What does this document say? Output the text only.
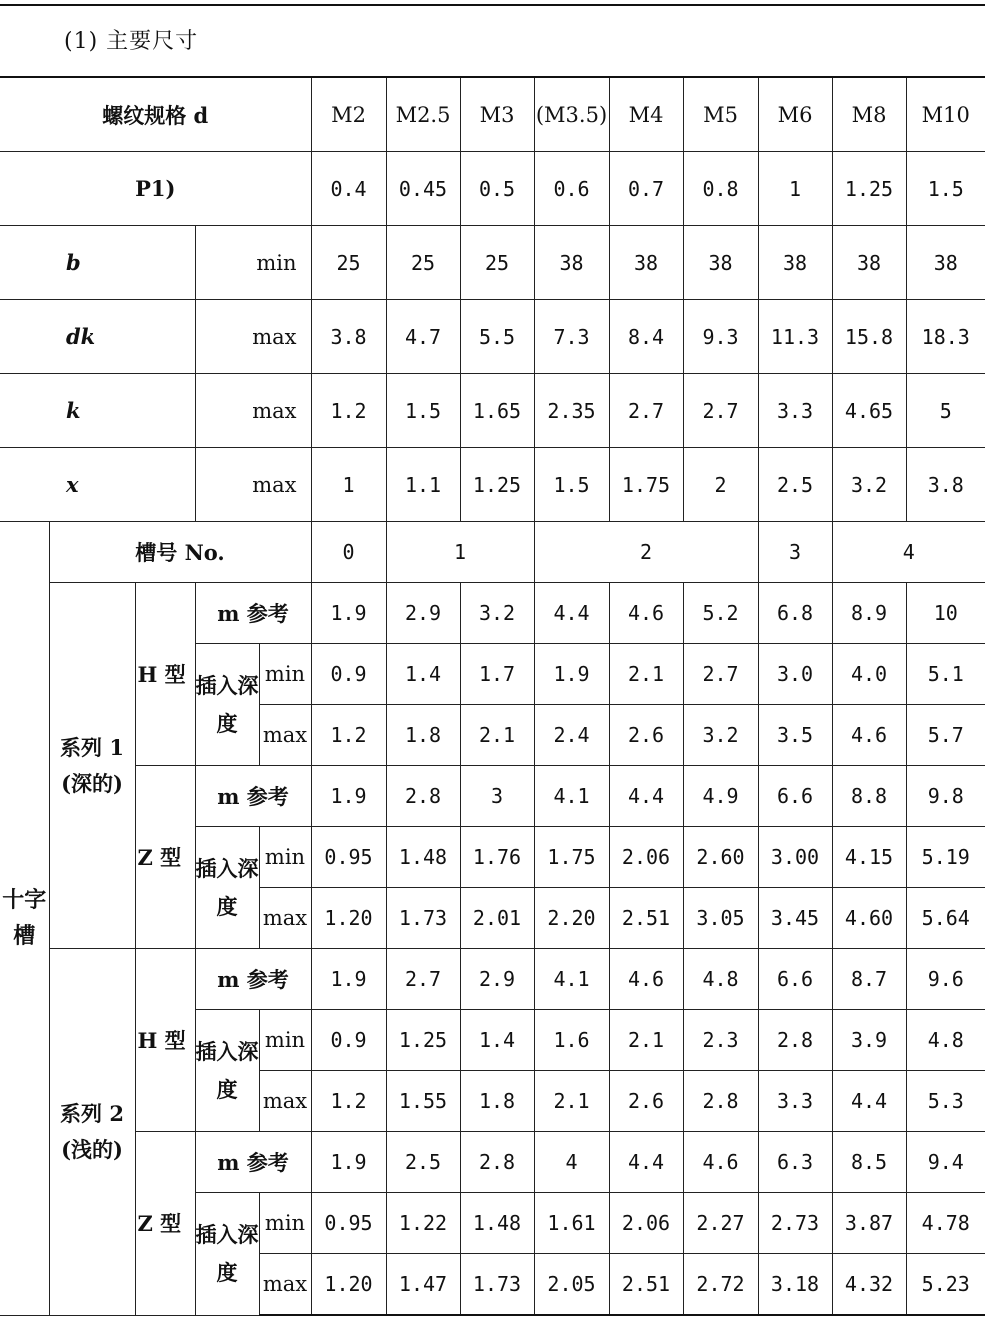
(1) 主要尺寸
螺纹规格 d					M2	M2.5	M3	(M3.5)	M4	M5	M6	M8	M10
P1)					0.4	0.45	0.5	0.6	0.7	0.8	1	1.25	1.5
b			min		25	25	25	38	38	38	38	38	38
dk			max		3.8	4.7	5.5	7.3	8.4	9.3	11.3	15.8	18.3
k			max		1.2	1.5	1.65	2.35	2.7	2.7	3.3	4.65	5
x			max		1	1.1	1.25	1.5	1.75	2	2.5	3.2	3.8
十字槽	槽号 No.				0	1		2			3	4	
	系列 1 (深的)	H 型	m 参考		1.9	2.9	3.2	4.4	4.6	5.2	6.8	8.9	10
			插入深度	min	0.9	1.4	1.7	1.9	2.1	2.7	3.0	4.0	5.1
				max	1.2	1.8	2.1	2.4	2.6	3.2	3.5	4.6	5.7
		Z 型	m 参考		1.9	2.8	3	4.1	4.4	4.9	6.6	8.8	9.8
			插入深度	min	0.95	1.48	1.76	1.75	2.06	2.60	3.00	4.15	5.19
				max	1.20	1.73	2.01	2.20	2.51	3.05	3.45	4.60	5.64
	系列 2 (浅的)	H 型	m 参考		1.9	2.7	2.9	4.1	4.6	4.8	6.6	8.7	9.6
			插入深度	min	0.9	1.25	1.4	1.6	2.1	2.3	2.8	3.9	4.8
				max	1.2	1.55	1.8	2.1	2.6	2.8	3.3	4.4	5.3
		Z 型	m 参考		1.9	2.5	2.8	4	4.4	4.6	6.3	8.5	9.4
			插入深度	min	0.95	1.22	1.48	1.61	2.06	2.27	2.73	3.87	4.78
				max	1.20	1.47	1.73	2.05	2.51	2.72	3.18	4.32	5.23
